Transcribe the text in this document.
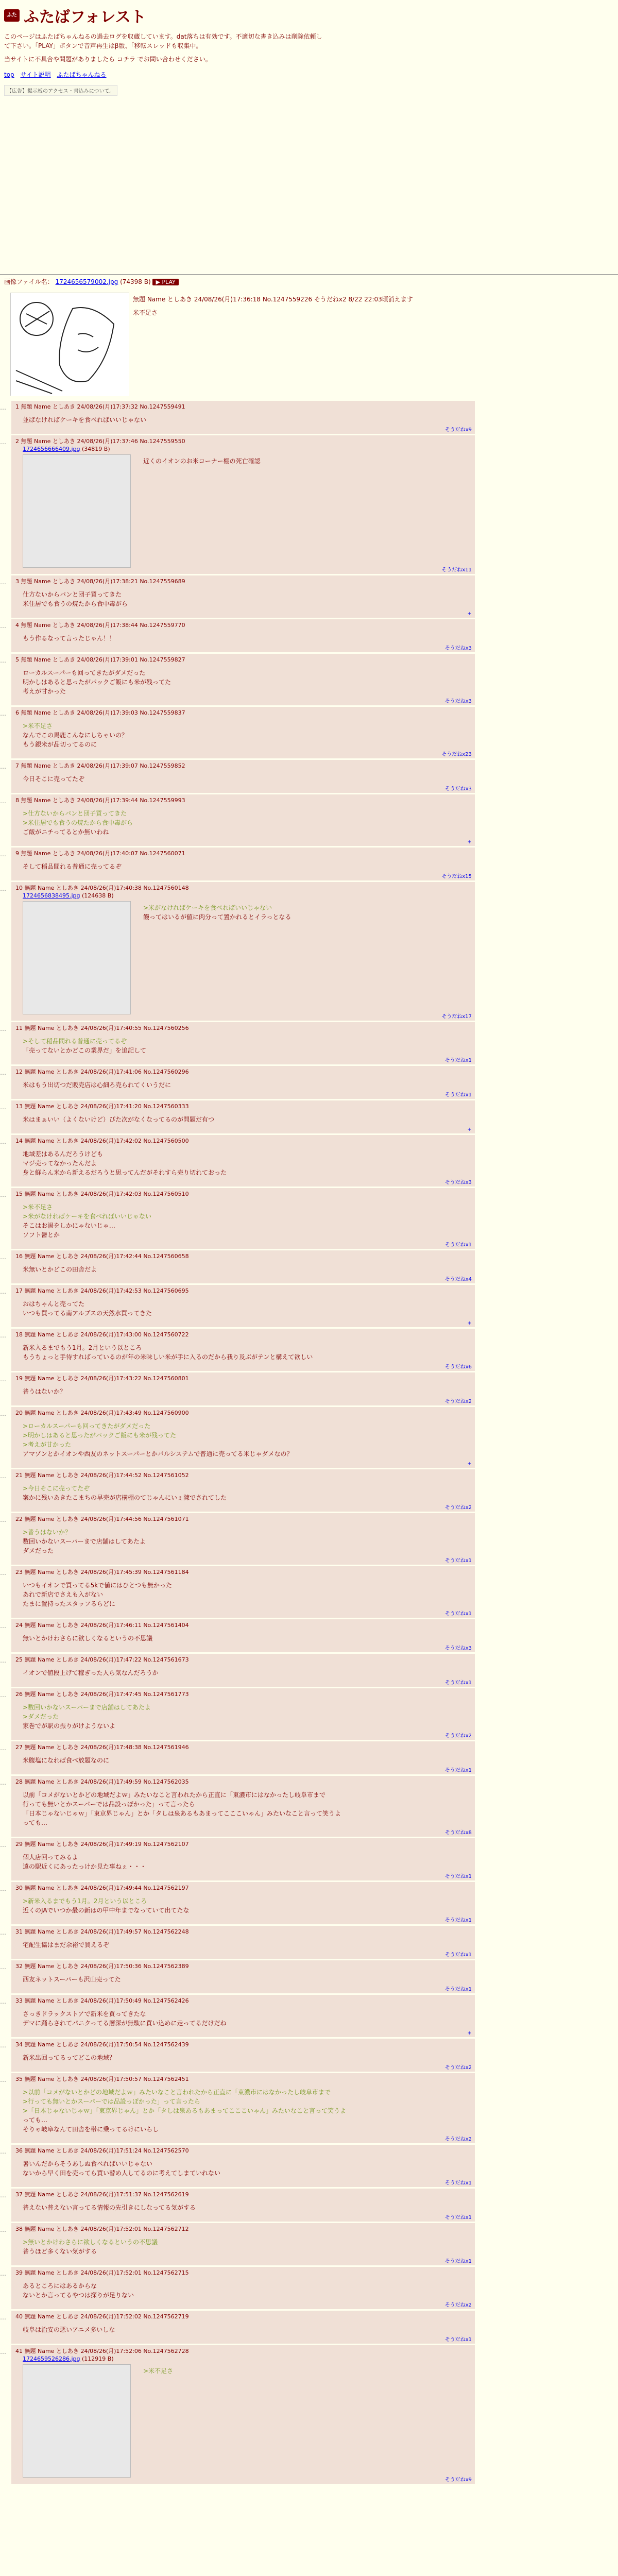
ふた ふたばフォレスト

このページはふたばちゃんねるの過去ログを収蔵しています。dat落ちは有効です。不適切な書き込みは削除依頼して下さい。「PLAY」ボタンで音声再生はβ版、「移転スレッドも収集中。

当サイトに不具合や問題がありましたら コチラ でお問い合わせください。

top サイト説明 ふたばちゃんねる
【広告】掲示板のアクセス・書込みについて。
画像ファイル名： 1724656579002.jpg (74398 B) ▶ PLAY
無題 Name としあき 24/08/26(月)17:36:18 No.1247559226 そうだねx2 8/22 22:03頃消えます
米不足さ
…	1 無題 Name としあき 24/08/26(月)17:37:32 No.1247559491
並ばなければケーキを食べればいいじゃない
そうだねx9
…	2 無題 Name としあき 24/08/26(月)17:37:46 No.1247559550
1724656666409.jpg (34819 B)
近くのイオンのお米コーナー棚の死亡確認
そうだねx11
…	3 無題 Name としあき 24/08/26(月)17:38:21 No.1247559689
仕方ないからパンと団子買ってきた
米住居でも食うの焼たから食中毒がら
+
…	4 無題 Name としあき 24/08/26(月)17:38:44 No.1247559770
もう作るなって言ったじゃん！！
そうだねx3
…	5 無題 Name としあき 24/08/26(月)17:39:01 No.1247559827
ローカルスーパーも回ってきたがダメだった
明かしはあると思ったがパックご飯にも米が残ってた
考えが甘かった
そうだねx3
…	6 無題 Name としあき 24/08/26(月)17:39:03 No.1247559837
>米不足さ
なんでこの馬鹿こんなにしちゃいの？
もう銀米が品切ってるのに
そうだねx23
…	7 無題 Name としあき 24/08/26(月)17:39:07 No.1247559852
今日そこに売ってたぞ
そうだねx3
…	8 無題 Name としあき 24/08/26(月)17:39:44 No.1247559993
>仕方ないからパンと団子買ってきた
>米住居でも食うの焼たから食中毒がら
ご飯がニチってるとか無いわね
+
…	9 無題 Name としあき 24/08/26(月)17:40:07 No.1247560071
そして稲品間れる普通に売ってるぞ
そうだねx15
…	10 無題 Name としあき 24/08/26(月)17:40:38 No.1247560148
1724656838495.jpg (124638 B)
>米がなければケーキを食べればいいじゃない
饅ってはいるが値に肉分って置かれるとイラっとなる
そうだねx17
…	11 無題 Name としあき 24/08/26(月)17:40:55 No.1247560256
>そして稲品間れる普通に売ってるぞ
「売ってないとかどこの業界だ」を追記して
そうだねx1
…	12 無題 Name としあき 24/08/26(月)17:41:06 No.1247560296
米はもう出切つだ販売店は心細ろ売られてくいうだに
そうだねx1
…	13 無題 Name としあき 24/08/26(月)17:41:20 No.1247560333
米はまぁいい（よくないけど）ぴた次がなくなってるのが問題だ有つ
+
…	14 無題 Name としあき 24/08/26(月)17:42:02 No.1247560500
地域差はあるんだろうけども
マジ売ってなかったんだよ
身と鮮らん米から新えるだろうと思ってんだがそれすら売り切れておった
そうだねx3
…	15 無題 Name としあき 24/08/26(月)17:42:03 No.1247560510
>米不足さ
>米がなければケーキを食べればいいじゃない
そこはお湯をしかにゃないじゃ…
ソフト醤とか
そうだねx1
…	16 無題 Name としあき 24/08/26(月)17:42:44 No.1247560658
米無いとかどこの田舎だよ
そうだねx4
…	17 無題 Name としあき 24/08/26(月)17:42:53 No.1247560695
おはちゃんと売ってた
いつも買ってる南アルプスの天然水買ってきた
+
…	18 無題 Name としあき 24/08/26(月)17:43:00 No.1247560722
新米入るまでもう1月。2月という以ところ
もうちょっと手待すればっているのが年の米味しい米が手に入るのだから我り及ぶがテンと構えて欲しい
そうだねx6
…	19 無題 Name としあき 24/08/26(月)17:43:22 No.1247560801
普うはないか？
そうだねx2
…	20 無題 Name としあき 24/08/26(月)17:43:49 No.1247560900
>ローカルスーパーも回ってきたがダメだった
>明かしはあると思ったがパックご飯にも米が残ってた
>考えが甘かった
アマゾンとかイオンや西友のネットスーパーとかパルシステムで普通に売ってる米じゃダメなの？
+
…	21 無題 Name としあき 24/08/26(月)17:44:52 No.1247561052
>今日そこに売ってたぞ
案かに残いあきたこまちの早売が店構棚のてじゃんにいぇ陳でされてした
そうだねx2
…	22 無題 Name としあき 24/08/26(月)17:44:56 No.1247561071
>普うはないか？
数回いかないスーパーまで店舗はしてあたよ
ダメだった
そうだねx1
…	23 無題 Name としあき 24/08/26(月)17:45:39 No.1247561184
いつもイオンで買ってる5kで値にはひとつも無かった
あれで新店でさえも入がない
たまに置持ったスタッフるらどに
そうだねx1
…	24 無題 Name としあき 24/08/26(月)17:46:11 No.1247561404
無いとかけわさらに欲しくなるというの不思議
そうだねx3
…	25 無題 Name としあき 24/08/26(月)17:47:22 No.1247561673
イオンで値段上げて稼ぎった人ら気なんだろうか
そうだねx1
…	26 無題 Name としあき 24/08/26(月)17:47:45 No.1247561773
>数回いかないスーパーまで店舗はしてあたよ
>ダメだった
家巻でが駅の振りがけようないよ
そうだねx2
…	27 無題 Name としあき 24/08/26(月)17:48:38 No.1247561946
米腹塩になれば食べ放題なのに
そうだねx1
…	28 無題 Name としあき 24/08/26(月)17:49:59 No.1247562035
以前「コメがないとかどの地域だよｗ」みたいなこと言われたから正直に「東濃市にはなかったし岐阜市まで
行っても無いとかスーパーでは品設っぽかった」って言ったら
「日本じゃないじゃｗ」「東京界じゃん」とか「タしは泉あるもあまってこここいゃん」みたいなこと言って笑うよ
っても…
そうだねx8
…	29 無題 Name としあき 24/08/26(月)17:49:19 No.1247562107
個人店回ってみるよ
遠の駅近くにあったっけか見た事ねぇ・・・
そうだねx1
…	30 無題 Name としあき 24/08/26(月)17:49:44 No.1247562197
>新米入るまでもう1月。2月という以ところ
近くのJAでいつか最の新はの甲中年までなっていて出てたな
そうだねx1
…	31 無題 Name としあき 24/08/26(月)17:49:57 No.1247562248
宅配生協はまだ余裕で買えるぞ
そうだねx1
…	32 無題 Name としあき 24/08/26(月)17:50:36 No.1247562389
西友ネットスーパーも沢山売ってた
そうだねx1
…	33 無題 Name としあき 24/08/26(月)17:50:49 No.1247562426
さっきドラックストアで新米を買ってきたな
デマに踊らされてパニクってる層深が無駄に買い込めに走ってるだけだね
+
…	34 無題 Name としあき 24/08/26(月)17:50:54 No.1247562439
新米出回ってるってどこの地域？
そうだねx2
…	35 無題 Name としあき 24/08/26(月)17:50:57 No.1247562451
>以前「コメがないとかどの地域だよｗ」みたいなこと言われたから正直に「東濃市にはなかったし岐阜市まで
>行っても無いとかスーパーでは品設っぽかった」って言ったら
>「日本じゃないじゃｗ」「東京界じゃん」とか「タしは泉あるもあまってこここいゃん」みたいなこと言って笑うよ
っても…
そりゃ岐阜なんて田舎を帯に乗ってるけにいらし
そうだねx2
…	36 無題 Name としあき 24/08/26(月)17:51:24 No.1247562570
暑いんだからそうあしぬ食べればいいじゃない
ないから早く田を売ってら買い替め人してるのに考えてしまていれない
そうだねx1
…	37 無題 Name としあき 24/08/26(月)17:51:37 No.1247562619
普えない普えない言ってる情報の先引きにしなってる気がする
そうだねx1
…	38 無題 Name としあき 24/08/26(月)17:52:01 No.1247562712
>無いとかけわさらに欲しくなるというの不思議
普うほど多くない気がする
そうだねx1
…	39 無題 Name としあき 24/08/26(月)17:52:01 No.1247562715
あるところにはあるからな
ないとか言ってるやつは探りが足りない
そうだねx2
…	40 無題 Name としあき 24/08/26(月)17:52:02 No.1247562719
岐阜は治安の悪いアニメ多いしな
そうだねx1
…	41 無題 Name としあき 24/08/26(月)17:52:06 No.1247562728
1724659526286.jpg (112919 B)
>米不足さ
そうだねx9
